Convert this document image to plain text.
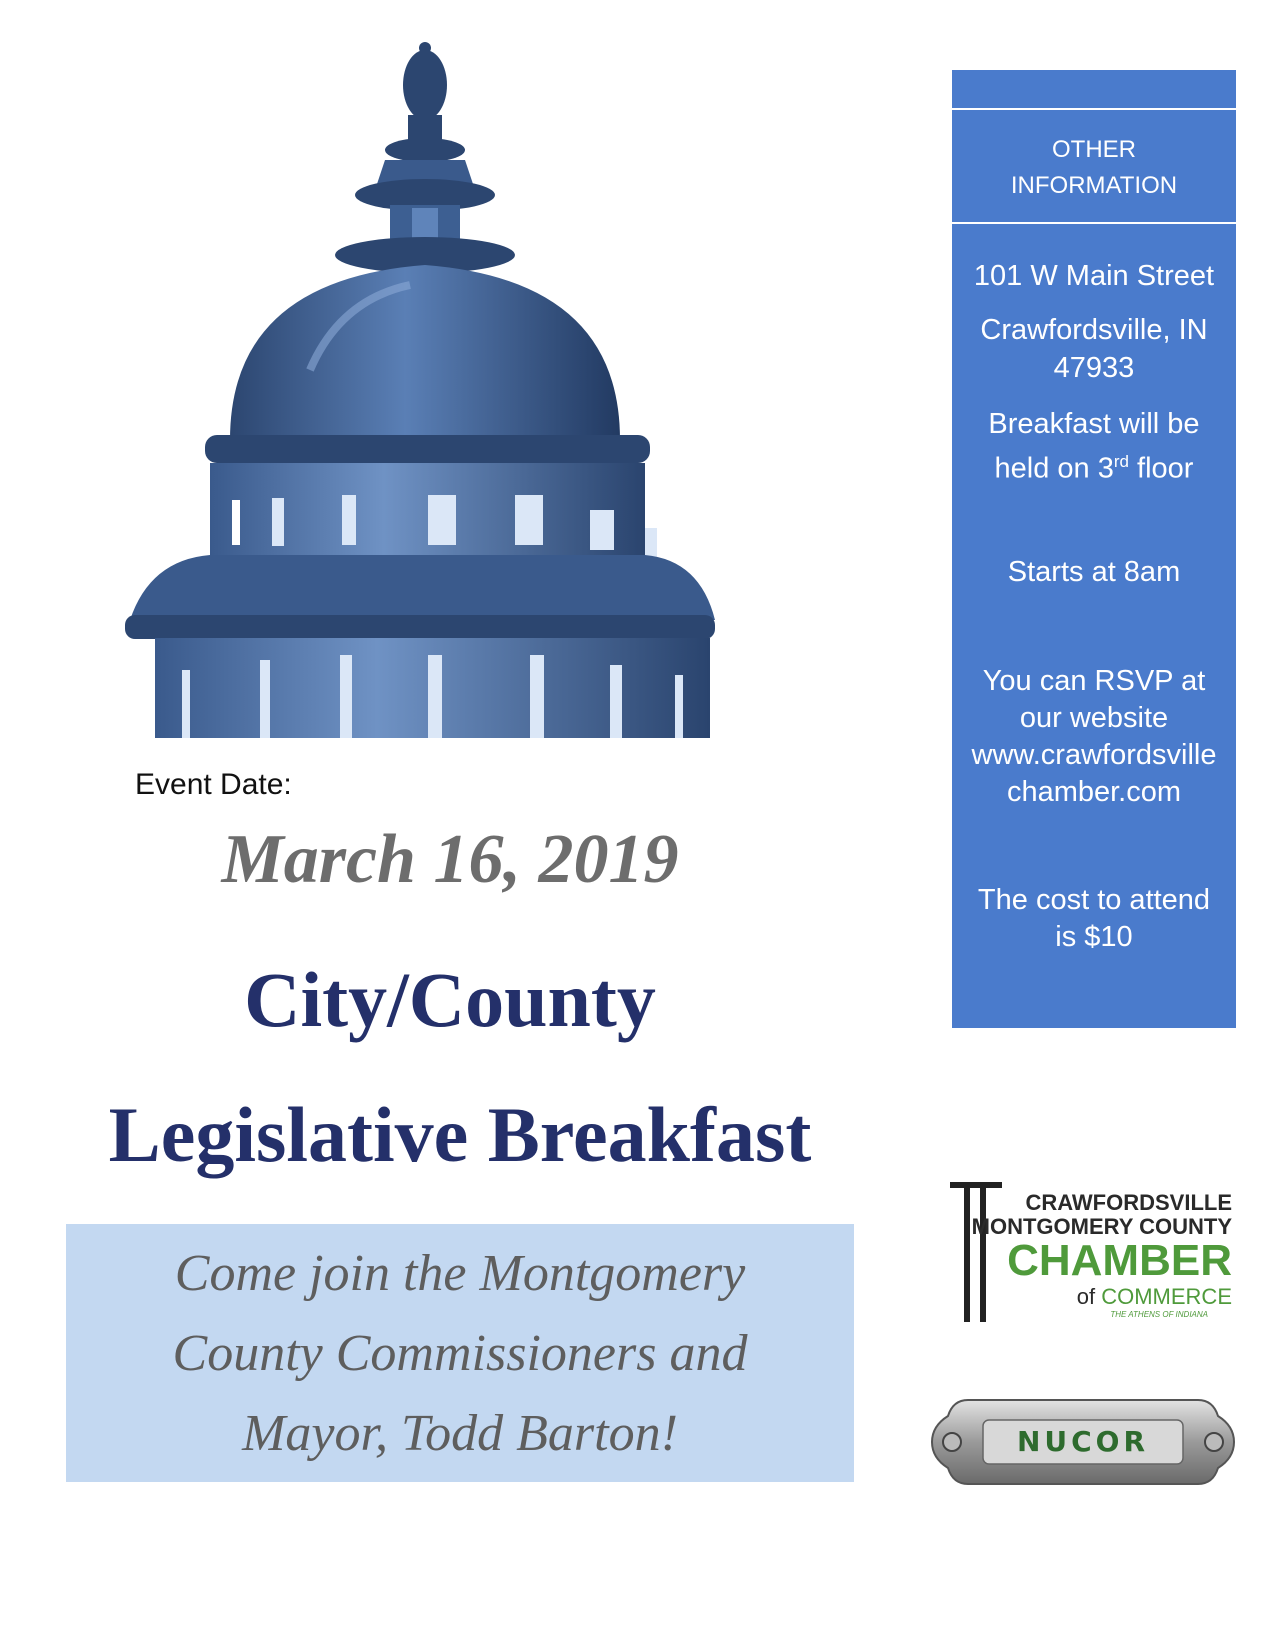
Event Date:
March 16, 2019
City/County
Legislative Breakfast
Come join the Montgomery
County Commissioners and
Mayor, Todd Barton!
OTHER
INFORMATION
101 W Main Street
Crawfordsville, IN
47933
Breakfast will be
held on 3rd floor
Starts at 8am
You can RSVP at
our website
www.crawfordsville
chamber.com
The cost to attend
is $10
CRAWFORDSVILLE
MONTGOMERY COUNTY
CHAMBER
of COMMERCE
THE ATHENS OF INDIANA
NUCOR
